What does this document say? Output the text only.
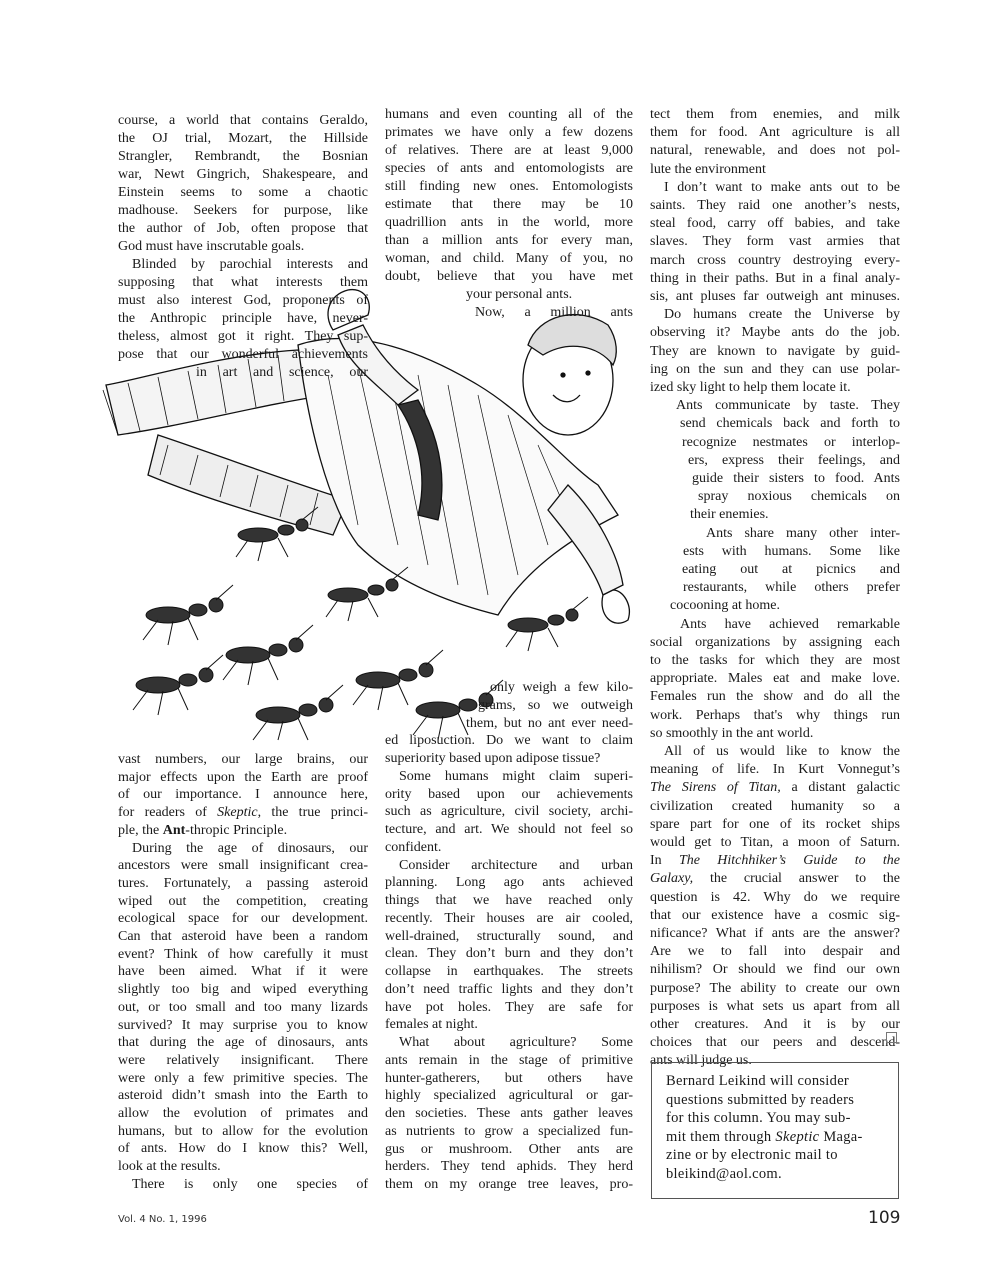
course, a world that contains Geraldo,
the OJ trial, Mozart, the Hillside
Strangler, Rembrandt, the Bosnian
war, Newt Gingrich, Shakespeare, and
Einstein seems to some a chaotic
madhouse. Seekers for purpose, like
the author of Job, often propose that
God must have inscrutable goals.
Blinded by parochial interests and
supposing that what interests them
must also interest God, proponents of
the Anthropic principle have, never-
theless, almost got it right. They sup-
pose that our wonderful achievements
in art and science, our
vast numbers, our large brains, our
major effects upon the Earth are proof
of our importance. I announce here,
for readers of Skeptic, the true princi-
ple, the Ant-thropic Principle.
During the age of dinosaurs, our
ancestors were small insignificant crea-
tures. Fortunately, a passing asteroid
wiped out the competition, creating
ecological space for our development.
Can that asteroid have been a random
event? Think of how carefully it must
have been aimed. What if it were
slightly too big and wiped everything
out, or too small and too many lizards
survived? It may surprise you to know
that during the age of dinosaurs, ants
were relatively insignificant. There
were only a few primitive species. The
asteroid didn’t smash into the Earth to
allow the evolution of primates and
humans, but to allow for the evolution
of ants. How do I know this? Well,
look at the results.
There is only one species of
humans and even counting all of the
primates we have only a few dozens
of relatives. There are at least 9,000
species of ants and entomologists are
still finding new ones. Entomologists
estimate that there may be 10
quadrillion ants in the world, more
than a million ants for every man,
woman, and child. Many of you, no
doubt, believe that you have met
your personal ants.
Now, a million ants
only weigh a few kilo-
grams, so we outweigh
them, but no ant ever need-
ed liposuction. Do we want to claim
superiority based upon adipose tissue?
Some humans might claim superi-
ority based upon our achievements
such as agriculture, civil society, archi-
tecture, and art. We should not feel so
confident.
Consider architecture and urban
planning. Long ago ants achieved
things that we have reached only
recently. Their houses are air cooled,
well-drained, structurally sound, and
clean. They don’t burn and they don’t
collapse in earthquakes. The streets
don’t need traffic lights and they don’t
have pot holes. They are safe for
females at night.
What about agriculture? Some
ants remain in the stage of primitive
hunter-gatherers, but others have
highly specialized agricultural or gar-
den societies. These ants gather leaves
as nutrients to grow a specialized fun-
gus or mushroom. Other ants are
herders. They tend aphids. They herd
them on my orange tree leaves, pro-
tect them from enemies, and milk
them for food. Ant agriculture is all
natural, renewable, and does not pol-
lute the environment
I don’t want to make ants out to be
saints. They raid one another’s nests,
steal food, carry off babies, and take
slaves. They form vast armies that
march cross country destroying every-
thing in their paths. But in a final analy-
sis, ant pluses far outweigh ant minuses.
Do humans create the Universe by
observing it? Maybe ants do the job.
They are known to navigate by guid-
ing on the sun and they can use polar-
ized sky light to help them locate it.
Ants communicate by taste. They
send chemicals back and forth to
recognize nestmates or interlop-
ers, express their feelings, and
guide their sisters to food. Ants
spray noxious chemicals on
their enemies.
Ants share many other inter-
ests with humans. Some like
eating out at picnics and
restaurants, while others prefer
cocooning at home.
Ants have achieved remarkable
social organizations by assigning each
to the tasks for which they are most
appropriate. Males eat and make love.
Females run the show and do all the
work. Perhaps that's why things run
so smoothly in the ant world.
All of us would like to know the
meaning of life. In Kurt Vonnegut’s
The Sirens of Titan, a distant galactic
civilization created humanity so a
spare part for one of its rocket ships
would get to Titan, a moon of Saturn.
In The Hitchhiker’s Guide to the
Galaxy, the crucial answer to the
question is 42. Why do we require
that our existence have a cosmic sig-
nificance? What if ants are the answer?
Are we to fall into despair and
nihilism? Or should we find our own
purpose? The ability to create our own
purposes is what sets us apart from all
other creatures. And it is by our
choices that our peers and descend-
ants will judge us.
Bernard Leikind will consider
questions submitted by readers
for this column. You may sub-
mit them through Skeptic Maga-
zine or by electronic mail to
bleikind@aol.com.
Vol. 4 No. 1, 1996	109
